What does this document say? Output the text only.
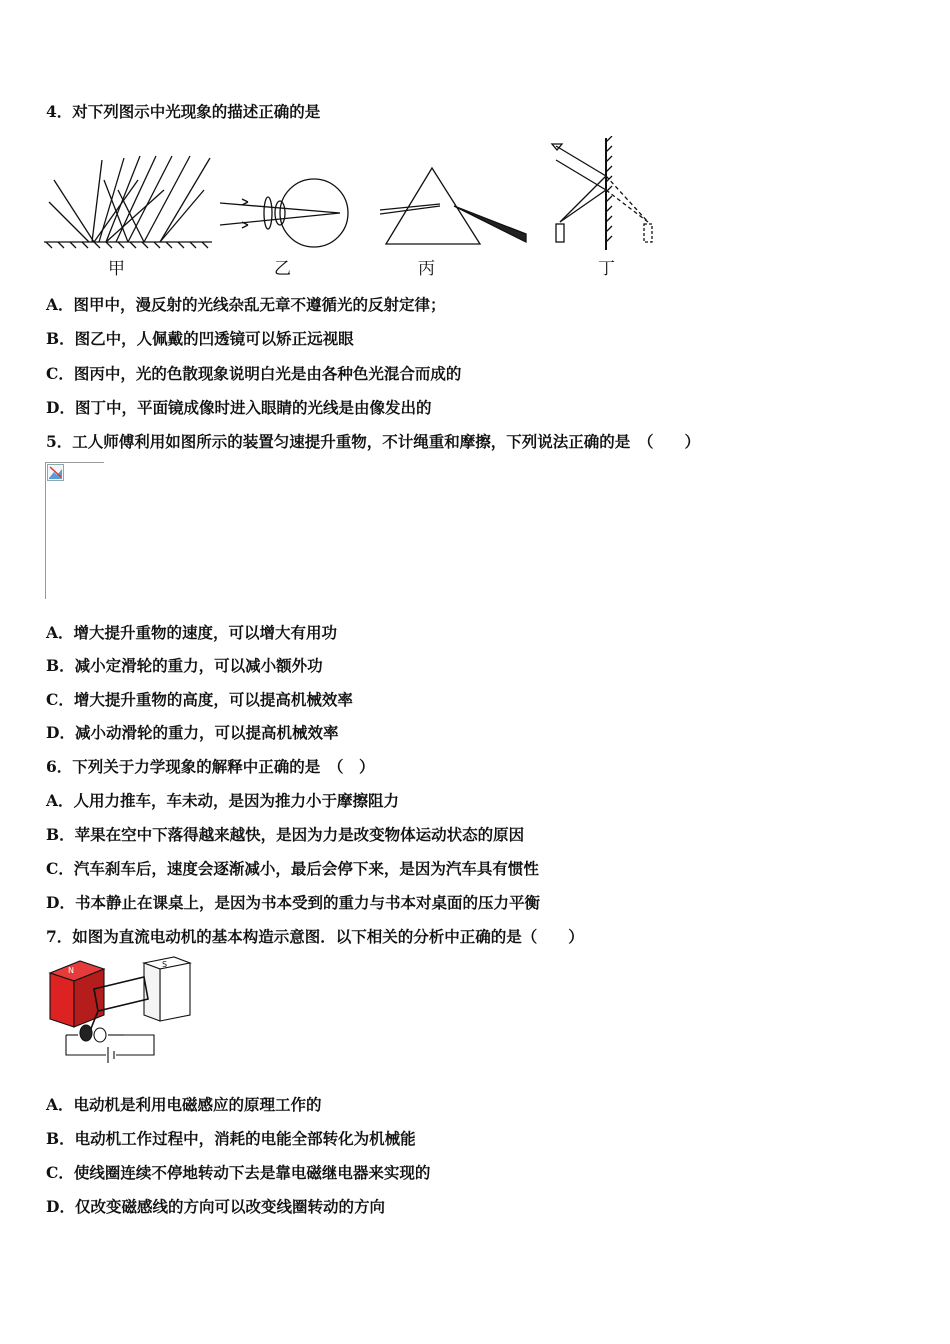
4．对下列图示中光现象的描述正确的是
甲	乙	丙	丁
A．图甲中，漫反射的光线杂乱无章不遵循光的反射定律；
B．图乙中，人佩戴的凹透镜可以矫正远视眼
C．图丙中，光的色散现象说明白光是由各种色光混合而成的
D．图丁中，平面镜成像时进入眼睛的光线是由像发出的
5．工人师傅利用如图所示的装置匀速提升重物，不计绳重和摩擦，下列说法正确的是　（　　）
A．增大提升重物的速度，可以增大有用功
B．减小定滑轮的重力，可以减小额外功
C．增大提升重物的高度，可以提高机械效率
D．减小动滑轮的重力，可以提高机械效率
6．下列关于力学现象的解释中正确的是　（　）
A．人用力推车，车未动，是因为推力小于摩擦阻力
B．苹果在空中下落得越来越快，是因为力是改变物体运动状态的原因
C．汽车刹车后，速度会逐渐减小，最后会停下来，是因为汽车具有惯性
D．书本静止在课桌上，是因为书本受到的重力与书本对桌面的压力平衡
7．如图为直流电动机的基本构造示意图．以下相关的分析中正确的是（　　）
N
S
A．电动机是利用电磁感应的原理工作的
B．电动机工作过程中，消耗的电能全部转化为机械能
C．使线圈连续不停地转动下去是靠电磁继电器来实现的
D．仅改变磁感线的方向可以改变线圈转动的方向
